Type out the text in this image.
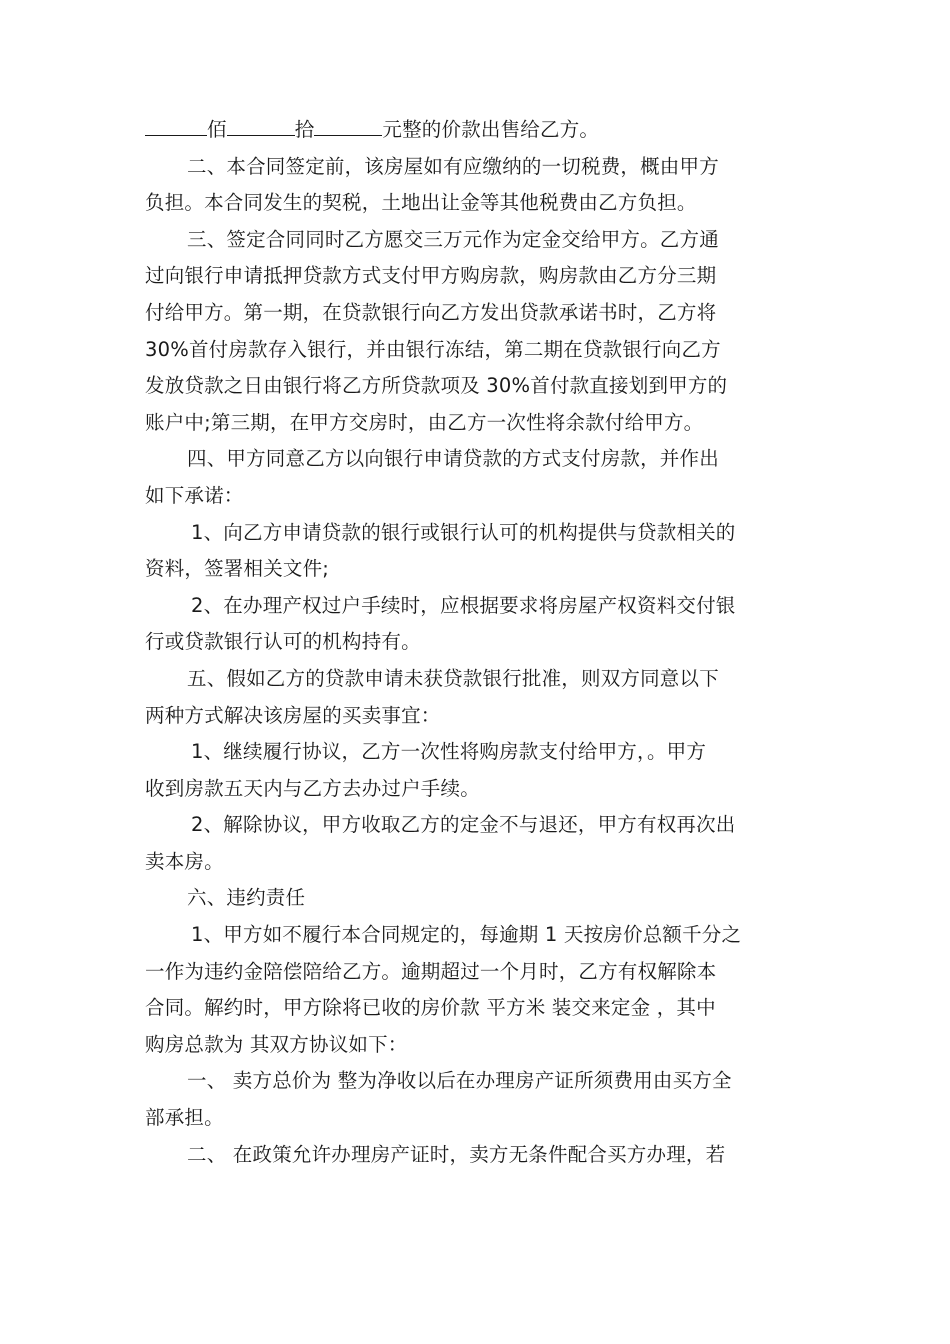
佰	拾	元整的价款出售给乙方。
二、本合同签定前，该房屋如有应缴纳的一切税费，概由甲方
负担。本合同发生的契税，土地出让金等其他税费由乙方负担。
三、签定合同同时乙方愿交三万元作为定金交给甲方。乙方通
过向银行申请抵押贷款方式支付甲方购房款，购房款由乙方分三期
付给甲方。第一期，在贷款银行向乙方发出贷款承诺书时，乙方将
30%首付房款存入银行，并由银行冻结，第二期在贷款银行向乙方
发放贷款之日由银行将乙方所贷款项及 30%首付款直接划到甲方的
账户中;第三期，在甲方交房时，由乙方一次性将余款付给甲方。
四、甲方同意乙方以向银行申请贷款的方式支付房款，并作出
如下承诺：
1、向乙方申请贷款的银行或银行认可的机构提供与贷款相关的
资料，签署相关文件;
2、在办理产权过户手续时，应根据要求将房屋产权资料交付银
行或贷款银行认可的机构持有。
五、假如乙方的贷款申请未获贷款银行批准，则双方同意以下
两种方式解决该房屋的买卖事宜：
1、继续履行协议，乙方一次性将购房款支付给甲方，。甲方
收到房款五天内与乙方去办过户手续。
2、解除协议，甲方收取乙方的定金不与退还，甲方有权再次出
卖本房。
六、违约责任
1、甲方如不履行本合同规定的，每逾期 1 天按房价总额千分之
一作为违约金陪偿陪给乙方。逾期超过一个月时，乙方有权解除本
合同。解约时，甲方除将已收的房价款 平方米 装交来定金 ，其中
购房总款为 其双方协议如下：
一、 卖方总价为 整为净收以后在办理房产证所须费用由买方全
部承担。
二、 在政策允许办理房产证时，卖方无条件配合买方办理，若
